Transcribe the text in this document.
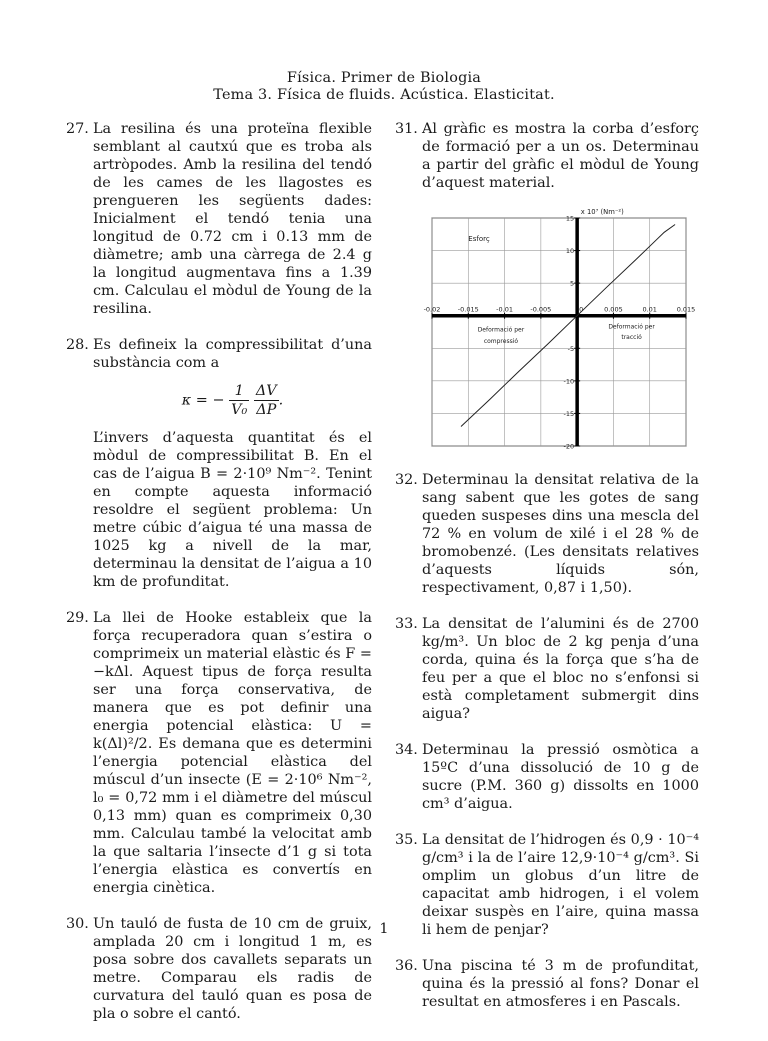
Física. Primer de Biologia
Tema 3. Física de fluids. Acústica. Elasticitat.
27. La resilina és una proteïna flexible semblant al cautxú que es troba als artròpodes. Amb la resilina del tendó de les cames de les llagostes es prengueren les següents dades: Inicialment el tendó tenia una longitud de 0.72 cm i 0.13 mm de diàmetre; amb una càrrega de 2.4 g la longitud augmentava fins a 1.39 cm. Calculau el mòdul de Young de la resilina.
28. Es defineix la compressibilitat d’una substància com a
κ = − $\frac{1}{\text{V₀}}$
$\frac{\Delta V}{\Delta P}$ .
L’invers d’aquesta quantitat és el mòdul de compressibilitat B. En el cas de l’aigua B = 2·10⁹ Nm⁻². Tenint en compte aquesta informació resoldre el següent problema: Un metre cúbic d’aigua té una massa de 1025 kg a nivell de la mar, determinau la densitat de l’aigua a 10 km de profunditat.
29. La llei de Hooke estableix que la força recuperadora quan s’estira o comprimeix un material elàstic és F = −kΔl. Aquest tipus de força resulta ser una força conservativa, de manera que es pot definir una energia potencial elàstica: U = k(Δl)²/2. Es demana que es determini l’energia potencial elàstica del múscul d’un insecte (E = 2·10⁶ Nm⁻², l₀ = 0,72 mm i el diàmetre del múscul 0,13 mm) quan es comprimeix 0,30 mm. Calculau també la velocitat amb la que saltaria l’insecte d’1 g si tota l’energia elàstica es convertís en energia cinètica.
30. Un tauló de fusta de 10 cm de gruix, amplada 20 cm i longitud 1 m, es posa sobre dos cavallets separats un metre. Comparau els radis de curvatura del tauló quan es posa de pla o sobre el cantó.
31. Al gràfic es mostra la corba d’esforç de formació per a un os. Determinau a partir del gràfic el mòdul de Young d’aquest material.
-0.02	-0.015	-0.01	-0.005	0.005	0.01	0.015
-20
-15
-10
-5
5
10
15
0
x 10⁷ (Nm⁻²)
Esforç
Deformació per
compressió
Deformació per
tracció
32. Determinau la densitat relativa de la sang sabent que les gotes de sang queden suspeses dins una mescla del 72 % en volum de xilé i el 28 % de bromobenzé. (Les densitats relatives d’aquests líquids són, respectivament, 0,87 i 1,50).
33. La densitat de l’alumini és de 2700 kg/m³. Un bloc de 2 kg penja d’una corda, quina és la força que s’ha de feu per a que el bloc no s’enfonsi si està completament submergit dins aigua?
34. Determinau la pressió osmòtica a 15ºC d’una dissolució de 10 g de sucre (P.M. 360 g) dissolts en 1000 cm³ d’aigua.
35. La densitat de l’hidrogen és 0,9 · 10⁻⁴ g/cm³ i la de l’aire 12,9·10⁻⁴ g/cm³. Si omplim un globus d’un litre de capacitat amb hidrogen, i el volem deixar suspès en l’aire, quina massa li hem de penjar?
36. Una piscina té 3 m de profunditat, quina és la pressió al fons? Donar el resultat en atmosferes i en Pascals.
1
